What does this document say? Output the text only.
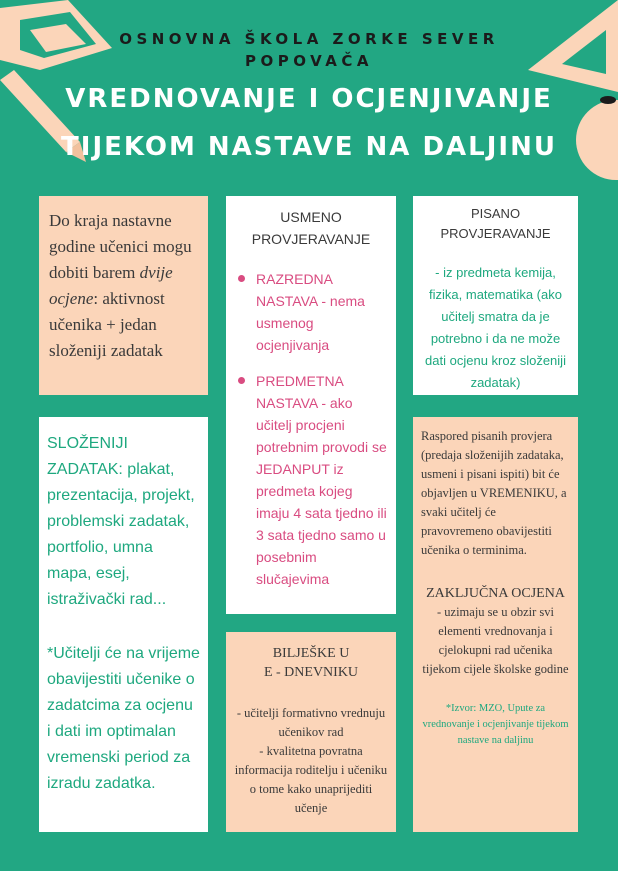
OSNOVNA ŠKOLA ZORKE SEVER
POPOVAČA
VREDNOVANJE I OCJENJIVANJE
TIJEKOM NASTAVE NA DALJINU
Do kraja nastavne godine učenici mogu dobiti barem dvije ocjene: aktivnost učenika + jedan složeniji zadatak
USMENO
PROVJERAVANJE
RAZREDNA NASTAVA - nema usmenog ocjenjivanja
PREDMETNA NASTAVA - ako učitelj procjeni potrebnim provodi se JEDANPUT iz predmeta kojeg imaju 4 sata tjedno ili 3 sata tjedno samo u posebnim slučajevima
PISANO PROVJERAVANJE
- iz predmeta kemija, fizika, matematika (ako učitelj smatra da je potrebno i da ne može dati ocjenu kroz složeniji zadatak)

SLOŽENIJI ZADATAK: plakat, prezentacija, projekt, problemski zadatak, portfolio, umna mapa, esej, istraživački rad...

*Učitelji će na vrijeme obavijestiti učenike o zadatcima za ocjenu i dati im optimalan vremenski period za izradu zadatka.

BILJEŠKE U
E - DNEVNIKU
- učitelji formativno vrednuju učenikov rad
- kvalitetna povratna informacija roditelju i učeniku o tome kako unaprijediti učenje

Raspored pisanih provjera (predaja složenijih zadataka, usmeni i pisani ispiti) bit će objavljen u VREMENIKU, a svaki učitelj će pravovremeno obavijestiti učenika o terminima.

ZAKLJUČNA OCJENA
- uzimaju se u obzir svi elementi vrednovanja i cjelokupni rad učenika tijekom cijele školske godine
*Izvor: MZO, Upute za vrednovanje i ocjenjivanje tijekom nastave na daljinu
